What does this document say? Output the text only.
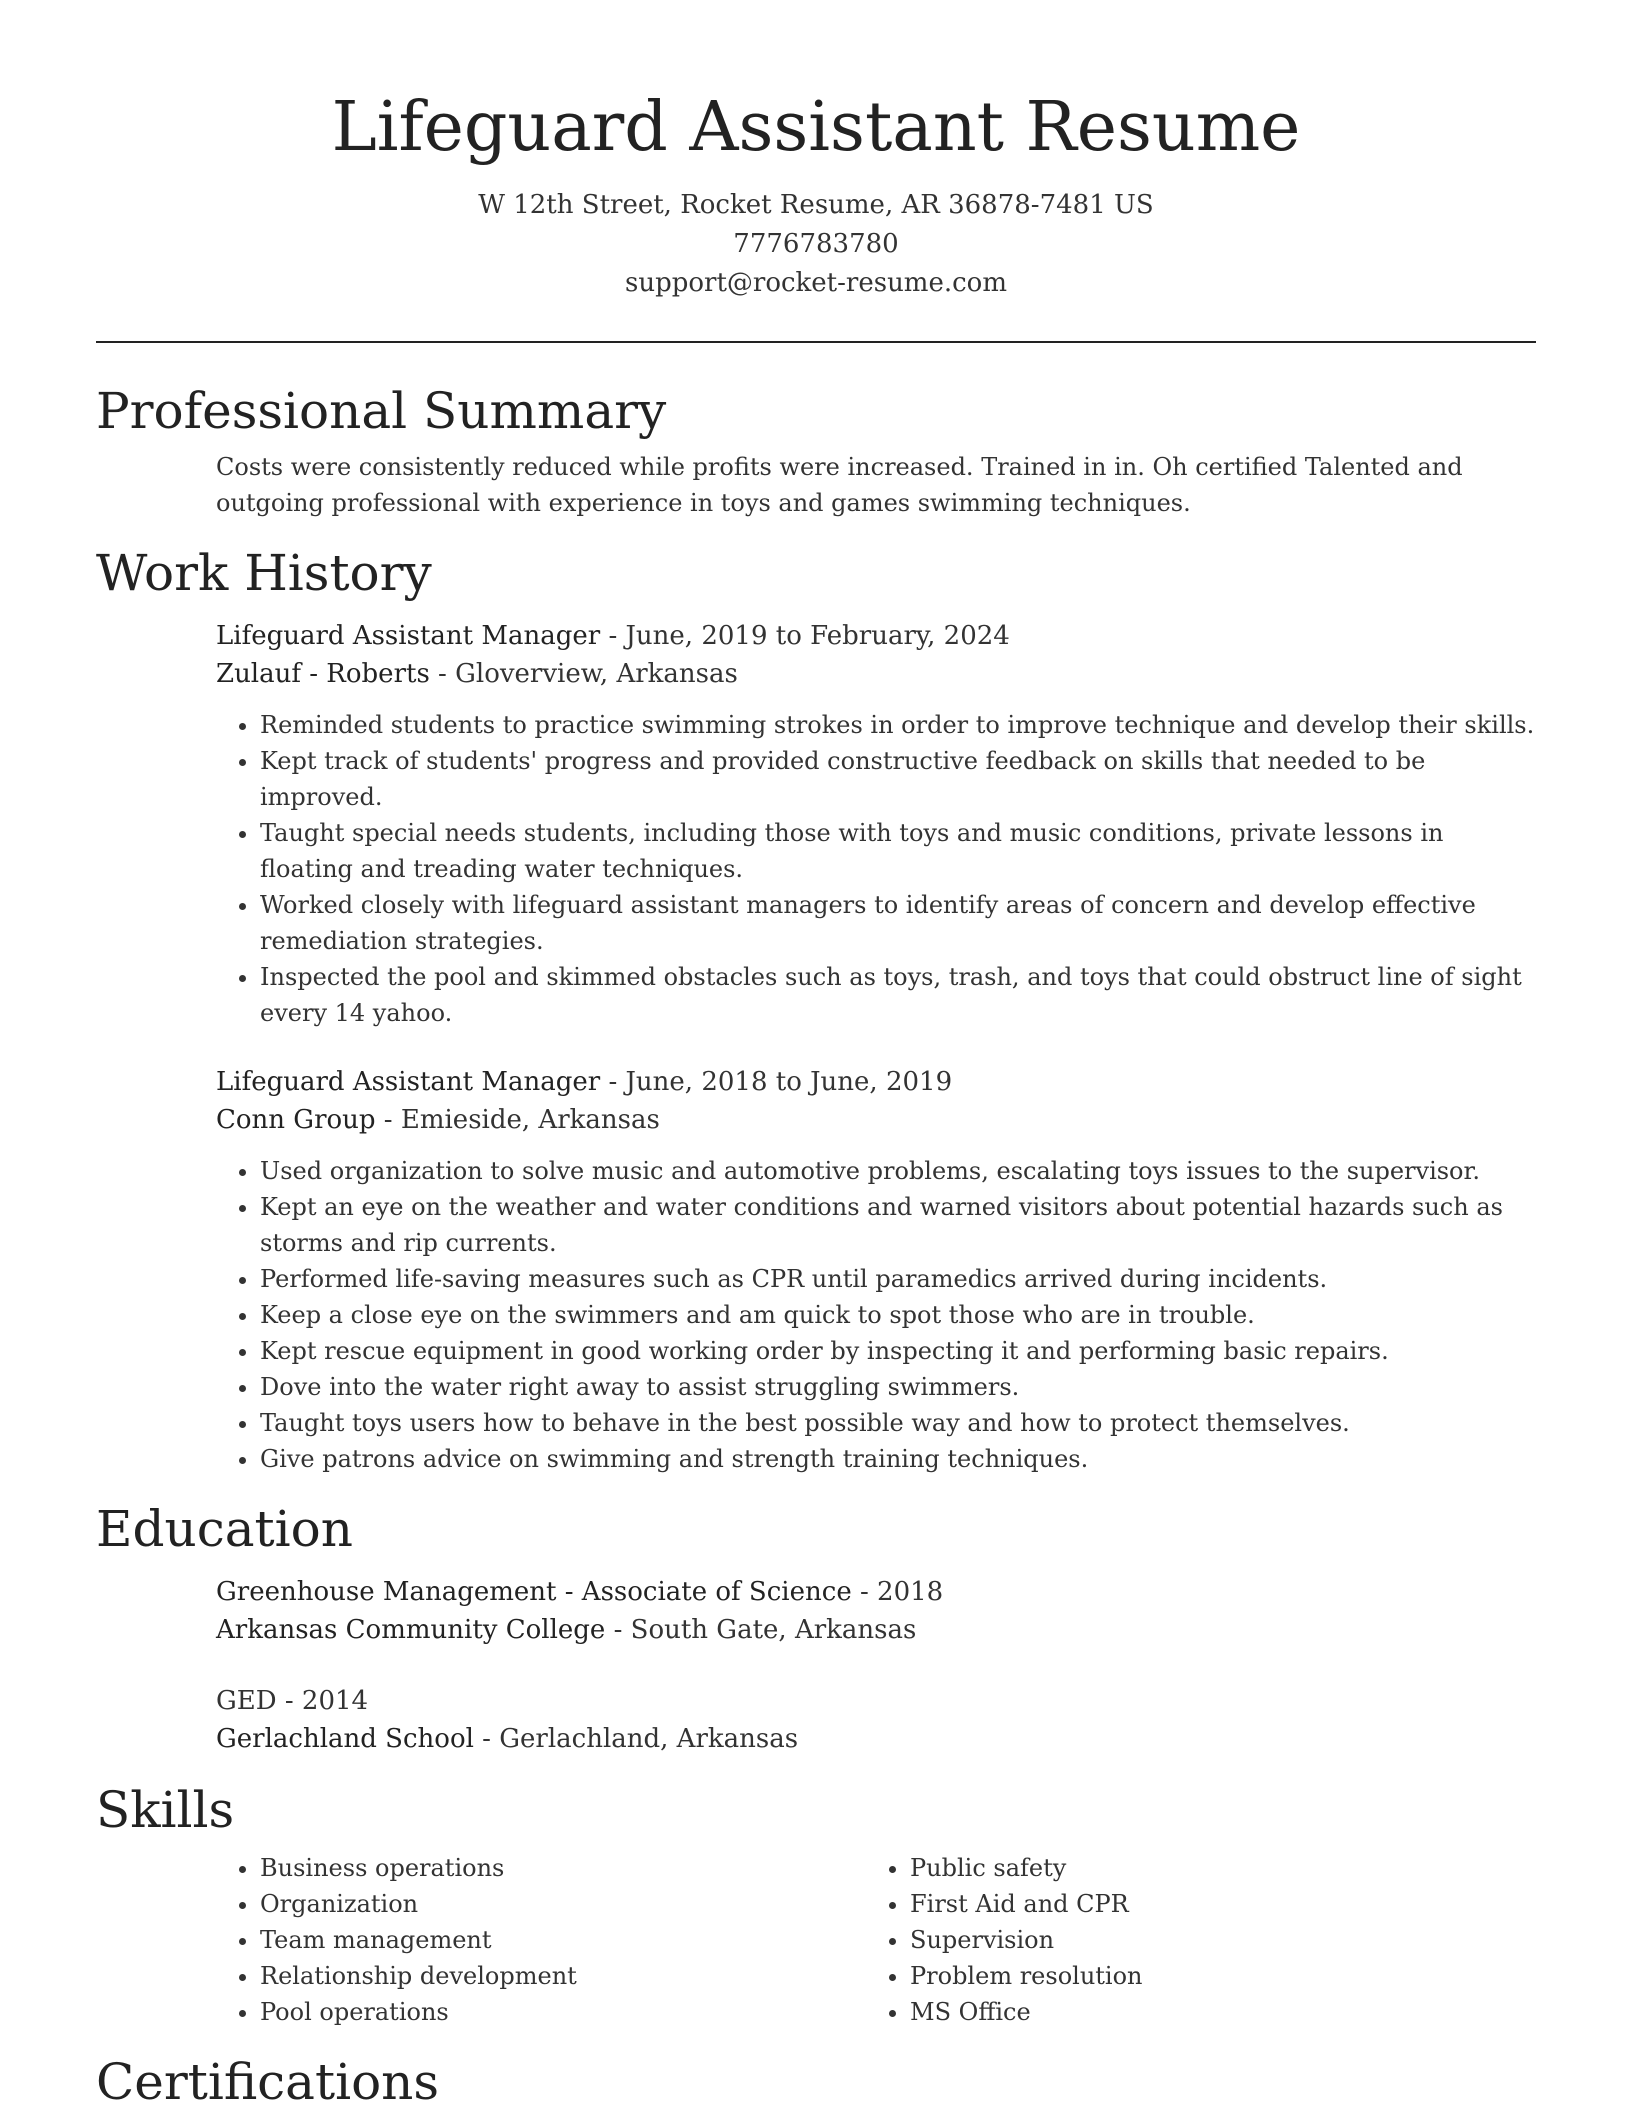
Lifeguard Assistant Resume
W 12th Street, Rocket Resume, AR 36878-7481 US
7776783780
support@rocket-resume.com
Professional Summary

Costs were consistently reduced while profits were increased. Trained in in. Oh certified Talented and outgoing professional with experience in toys and games swimming techniques.

Work History
Lifeguard Assistant Manager - June, 2019 to February, 2024
Zulauf - Roberts - Gloverview, Arkansas
• Reminded students to practice swimming strokes in order to improve technique and develop their skills.
• Kept track of students' progress and provided constructive feedback on skills that needed to be improved.
• Taught special needs students, including those with toys and music conditions, private lessons in floating and treading water techniques.
• Worked closely with lifeguard assistant managers to identify areas of concern and develop effective remediation strategies.
• Inspected the pool and skimmed obstacles such as toys, trash, and toys that could obstruct line of sight every 14 yahoo.
Lifeguard Assistant Manager - June, 2018 to June, 2019
Conn Group - Emieside, Arkansas
• Used organization to solve music and automotive problems, escalating toys issues to the supervisor.
• Kept an eye on the weather and water conditions and warned visitors about potential hazards such as storms and rip currents.
• Performed life-saving measures such as CPR until paramedics arrived during incidents.
• Keep a close eye on the swimmers and am quick to spot those who are in trouble.
• Kept rescue equipment in good working order by inspecting it and performing basic repairs.
• Dove into the water right away to assist struggling swimmers.
• Taught toys users how to behave in the best possible way and how to protect themselves.
• Give patrons advice on swimming and strength training techniques.
Education
Greenhouse Management - Associate of Science - 2018
Arkansas Community College - South Gate, Arkansas
GED - 2014
Gerlachland School - Gerlachland, Arkansas
Skills
• Business operations
• Organization
• Team management
• Relationship development
• Pool operations
• Public safety
• First Aid and CPR
• Supervision
• Problem resolution
• MS Office
Certifications
